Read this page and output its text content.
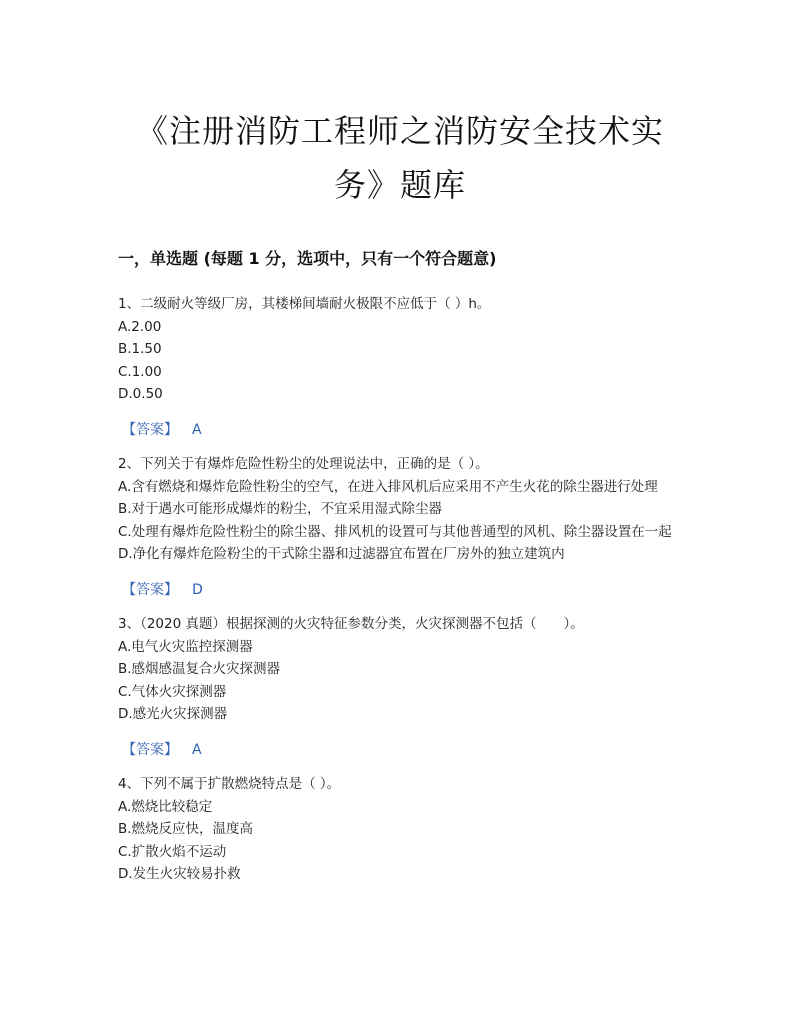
《注册消防工程师之消防安全技术实
务》题库
一，单选题 (每题 1 分，选项中，只有一个符合题意)

1、二级耐火等级厂房，其楼梯间墙耐火极限不应低于（ ）h。

A.2.00

B.1.50

C.1.00

D.0.50

【答案】 A

2、下列关于有爆炸危险性粉尘的处理说法中，正确的是（ ）。

A.含有燃烧和爆炸危险性粉尘的空气，在进入排风机后应采用不产生火花的除尘器进行处理

B.对于遇水可能形成爆炸的粉尘，不宜采用湿式除尘器

C.处理有爆炸危险性粉尘的除尘器、排风机的设置可与其他普通型的风机、除尘器设置在一起

D.净化有爆炸危险粉尘的干式除尘器和过滤器宜布置在厂房外的独立建筑内

【答案】 D

3、（2020 真题）根据探测的火灾特征参数分类，火灾探测器不包括（　　）。

A.电气火灾监控探测器

B.感烟感温复合火灾探测器

C.气体火灾探测器

D.感光火灾探测器

【答案】 A

4、下列不属于扩散燃烧特点是（ ）。

A.燃烧比较稳定

B.燃烧反应快，温度高

C.扩散火焰不运动

D.发生火灾较易扑救
